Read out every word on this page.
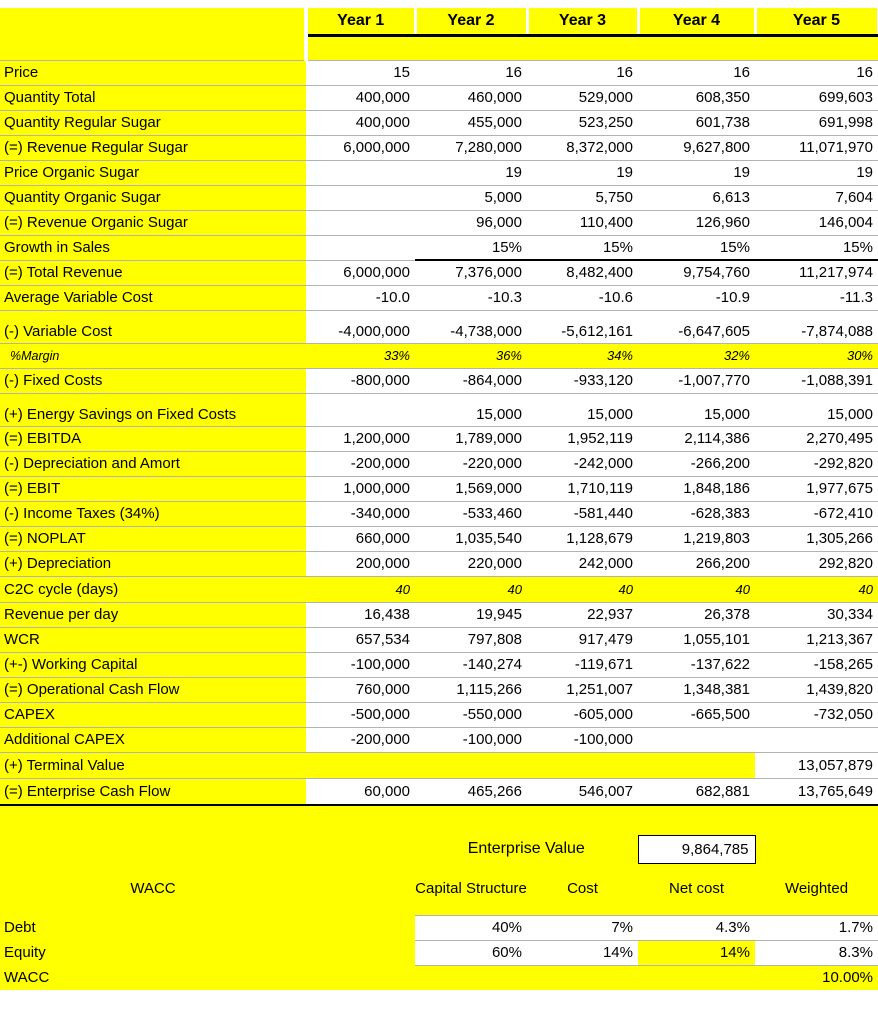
	Year 1	Year 2	Year 3	Year 4	Year 5

Price	15	16	16	16	16
Quantity Total	400,000	460,000	529,000	608,350	699,603
Quantity Regular Sugar	400,000	455,000	523,250	601,738	691,998
(=) Revenue Regular Sugar	6,000,000	7,280,000	8,372,000	9,627,800	11,071,970
Price Organic Sugar		19	19	19	19
Quantity Organic Sugar		5,000	5,750	6,613	7,604
(=) Revenue Organic Sugar		96,000	110,400	126,960	146,004
Growth in Sales		15%	15%	15%	15%
(=) Total Revenue	6,000,000	7,376,000	8,482,400	9,754,760	11,217,974
Average Variable Cost	-10.0	-10.3	-10.6	-10.9	-11.3
(-) Variable Cost	-4,000,000	-4,738,000	-5,612,161	-6,647,605	-7,874,088
%Margin	33%	36%	34%	32%	30%
(-) Fixed Costs	-800,000	-864,000	-933,120	-1,007,770	-1,088,391
(+) Energy Savings on Fixed Costs		15,000	15,000	15,000	15,000
(=) EBITDA	1,200,000	1,789,000	1,952,119	2,114,386	2,270,495
(-) Depreciation and Amort	-200,000	-220,000	-242,000	-266,200	-292,820
(=) EBIT	1,000,000	1,569,000	1,710,119	1,848,186	1,977,675
(-) Income Taxes (34%)	-340,000	-533,460	-581,440	-628,383	-672,410
(=) NOPLAT	660,000	1,035,540	1,128,679	1,219,803	1,305,266
(+) Depreciation	200,000	220,000	242,000	266,200	292,820
C2C cycle (days)	40	40	40	40	40
Revenue per day	16,438	19,945	22,937	26,378	30,334
WCR	657,534	797,808	917,479	1,055,101	1,213,367
(+-) Working Capital	-100,000	-140,274	-119,671	-137,622	-158,265
(=) Operational Cash Flow	760,000	1,115,266	1,251,007	1,348,381	1,439,820
CAPEX	-500,000	-550,000	-605,000	-665,500	-732,050
Additional CAPEX	-200,000	-100,000	-100,000		
(+) Terminal Value					13,057,879
(=) Enterprise Cash Flow	60,000	465,266	546,007	682,881	13,765,649

		Enterprise Value		9,864,785	
WACC		Capital Structure	Cost	Net cost	Weighted
Debt		40%	7%	4.3%	1.7%
Equity		60%	14%	14%	8.3%
WACC					10.00%
